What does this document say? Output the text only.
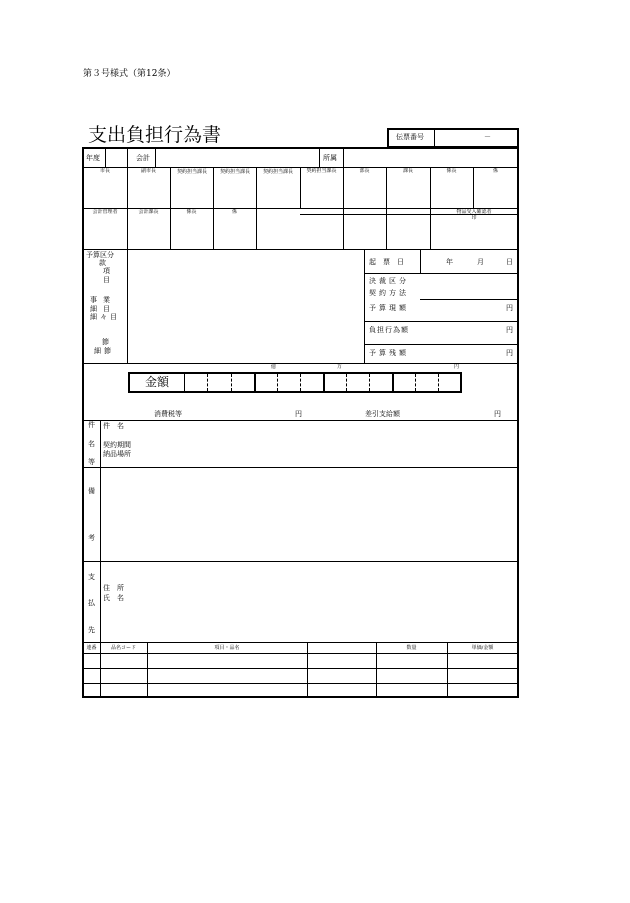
第３号様式（第12条）
支出負担行為書	伝票番号	－
年度	会計	所属
市長	副市長	契約担当課長	契約担当課長	契約担当課長	契約担当課長	部長	課長	係長	係
会計管理者	会計課長	係長	係	物品受入確認者
印
予算区分
款
項
目
事業
細目
細々目
節
細節
起票日	年	月	日
決裁区分
契約方法
予算現額	円
負担行為額	円
予算残額	円
億	万	円
金額
消費税等	円	差引支給額	円
件
名
等
件　名
契約期間
納品場所
備
考
支
払
先
住　所
氏　名
連番	品名コード	項目・品名	数量	単価/金額
